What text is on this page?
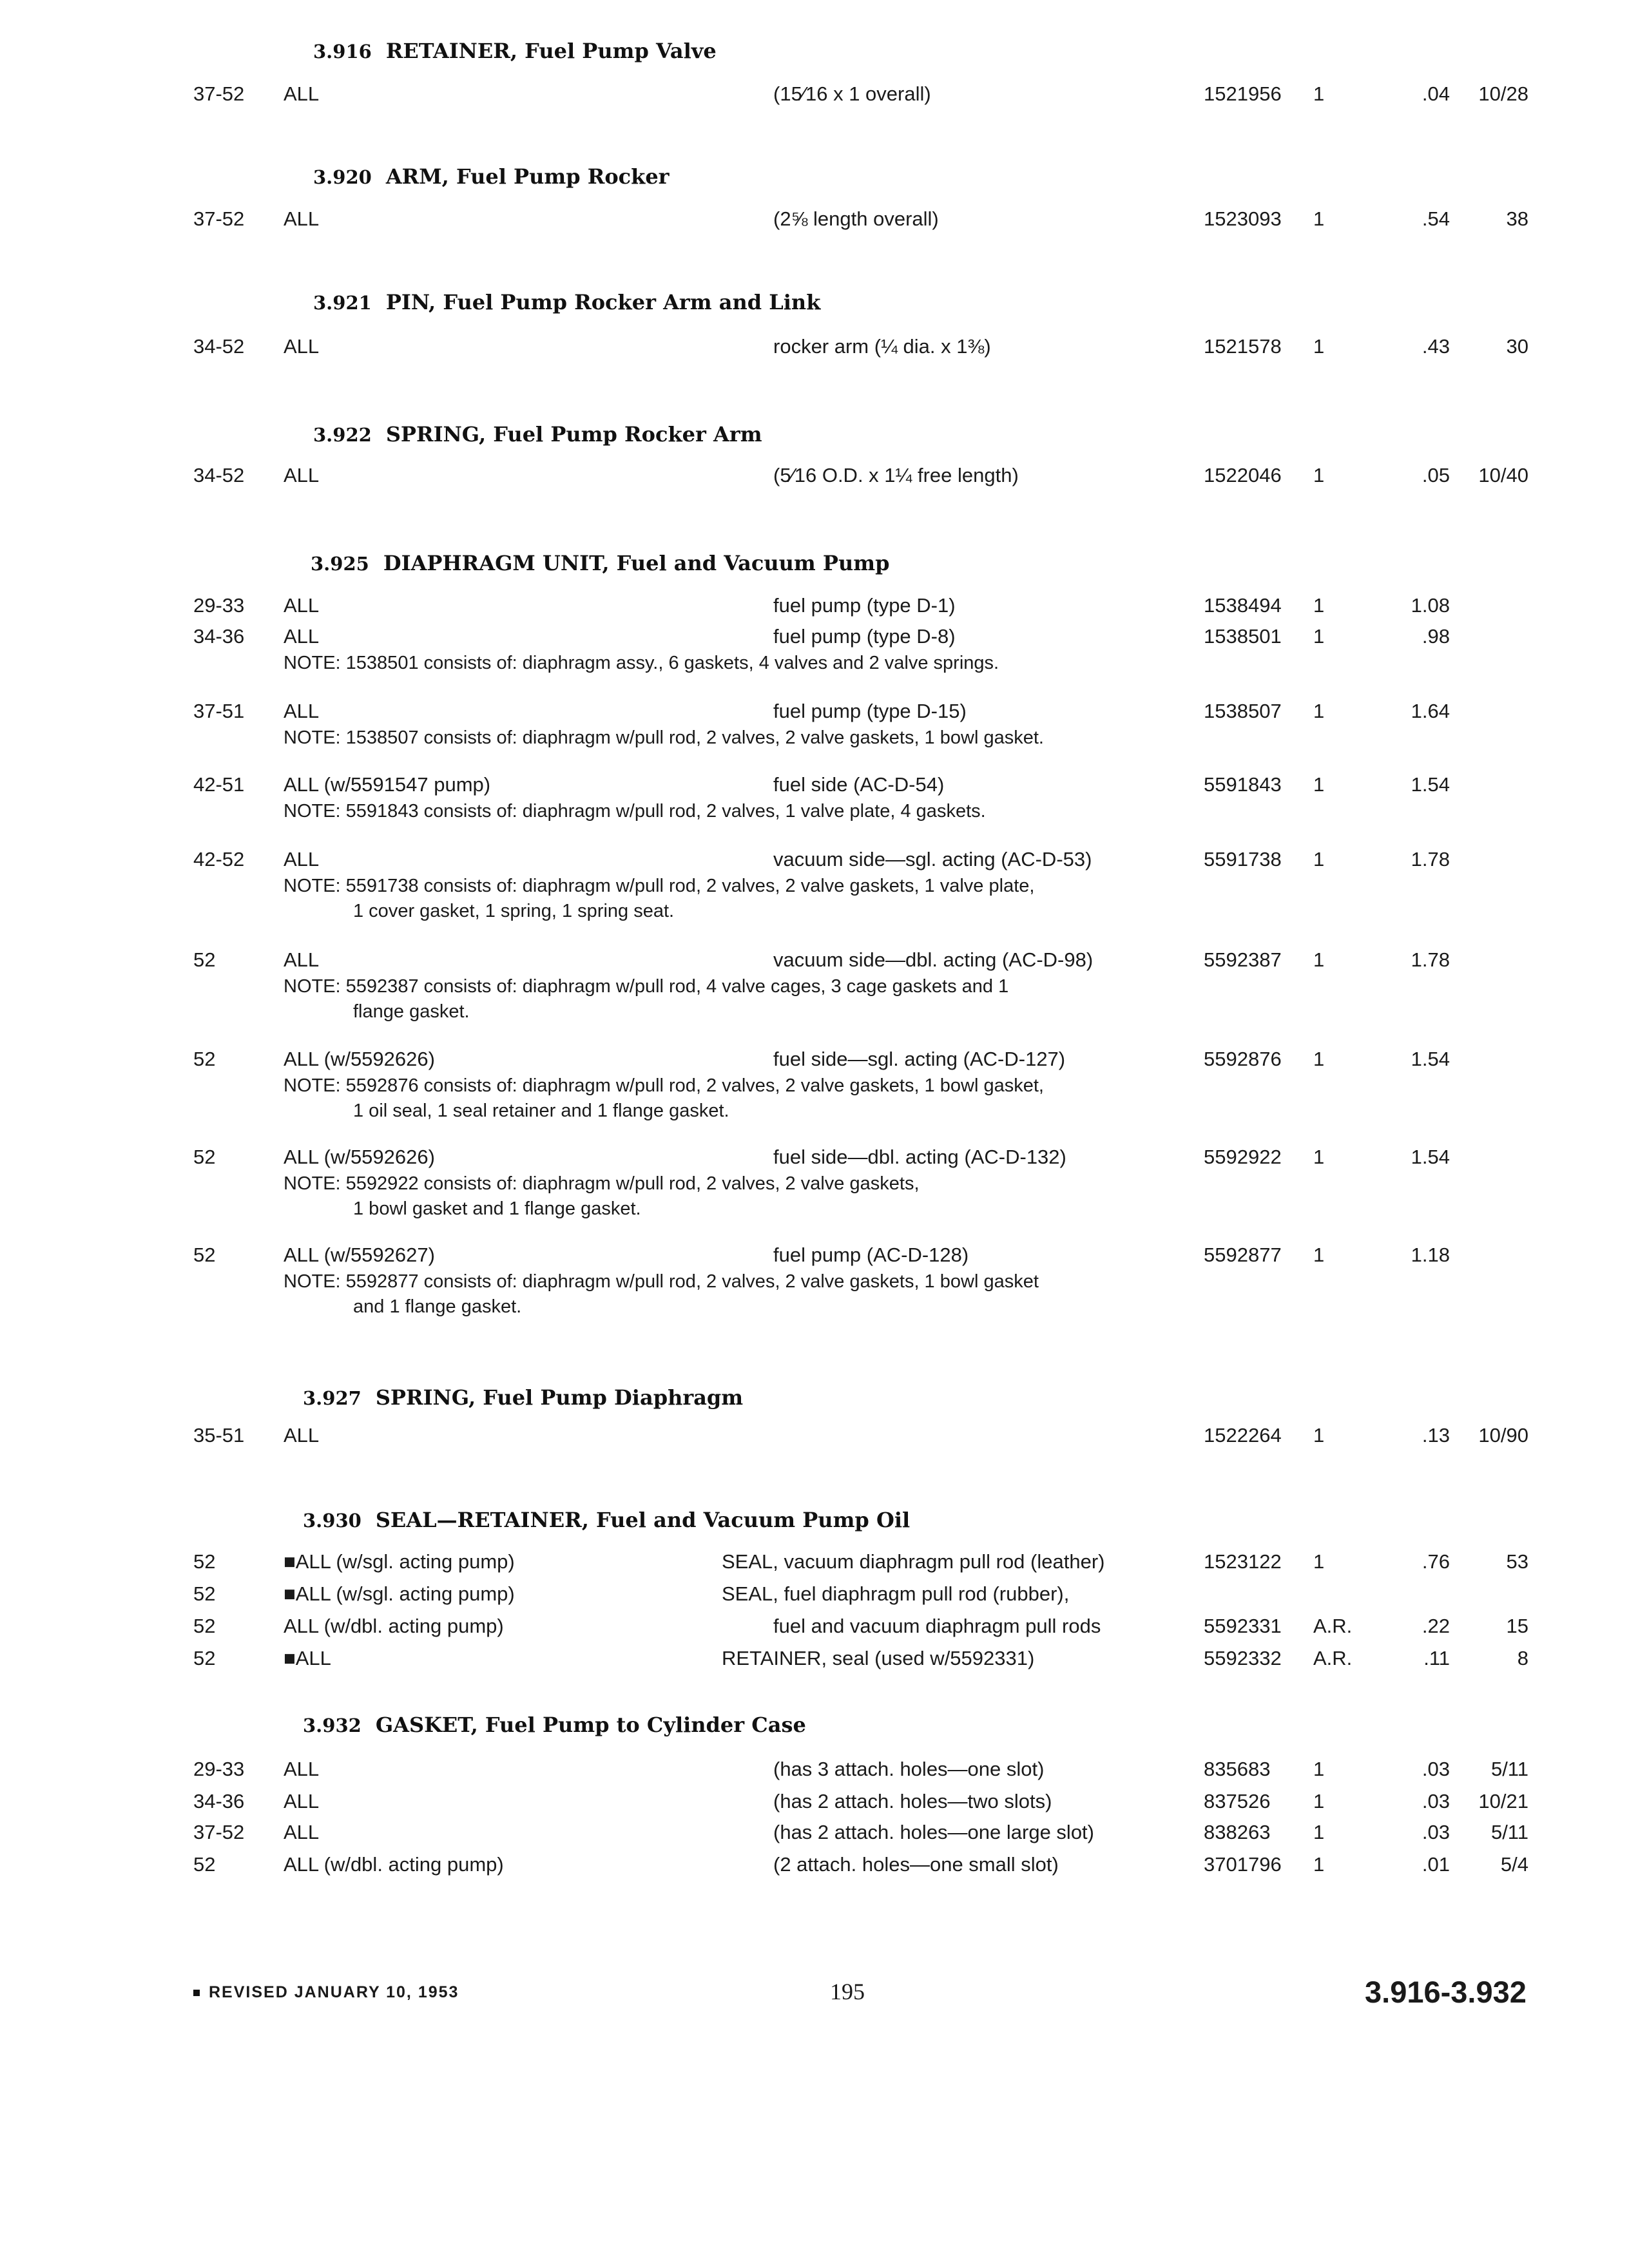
3.916 RETAINER, Fuel Pump Valve
37-52 ALL	(15⁄16 x 1 overall)	1521956 1	.04	10/28
3.920 ARM, Fuel Pump Rocker
37-52 ALL	(2⅝ length overall)	1523093 1	.54	38
3.921 PIN, Fuel Pump Rocker Arm and Link
34-52 ALL	rocker arm (¼ dia. x 1⅜)	1521578 1	.43	30
3.922 SPRING, Fuel Pump Rocker Arm
34-52 ALL	(5⁄16 O.D. x 1¼ free length)	1522046 1	.05	10/40
3.925 DIAPHRAGM UNIT, Fuel and Vacuum Pump
29-33 ALL	fuel pump (type D-1)	1538494 1	1.08
34-36 ALL	fuel pump (type D-8)	1538501 1	.98
NOTE: 1538501 consists of: diaphragm assy., 6 gaskets, 4 valves and 2 valve springs.
37-51 ALL	fuel pump (type D-15)	1538507 1	1.64
NOTE: 1538507 consists of: diaphragm w/pull rod, 2 valves, 2 valve gaskets, 1 bowl gasket.
42-51 ALL (w/5591547 pump)	fuel side (AC-D-54)	5591843 1	1.54
NOTE: 5591843 consists of: diaphragm w/pull rod, 2 valves, 1 valve plate, 4 gaskets.
42-52 ALL	vacuum side—sgl. acting (AC-D-53)	5591738 1	1.78
NOTE: 5591738 consists of: diaphragm w/pull rod, 2 valves, 2 valve gaskets, 1 valve plate,
1 cover gasket, 1 spring, 1 spring seat.
52	ALL	vacuum side—dbl. acting (AC-D-98)	5592387 1	1.78
NOTE: 5592387 consists of: diaphragm w/pull rod, 4 valve cages, 3 cage gaskets and 1
flange gasket.
52	ALL (w/5592626)	fuel side—sgl. acting (AC-D-127)	5592876 1	1.54
NOTE: 5592876 consists of: diaphragm w/pull rod, 2 valves, 2 valve gaskets, 1 bowl gasket,
1 oil seal, 1 seal retainer and 1 flange gasket.
52	ALL (w/5592626)	fuel side—dbl. acting (AC-D-132)	5592922 1	1.54
NOTE: 5592922 consists of: diaphragm w/pull rod, 2 valves, 2 valve gaskets,
1 bowl gasket and 1 flange gasket.
52	ALL (w/5592627)	fuel pump (AC-D-128)	5592877 1	1.18
NOTE: 5592877 consists of: diaphragm w/pull rod, 2 valves, 2 valve gaskets, 1 bowl gasket
and 1 flange gasket.
3.927 SPRING, Fuel Pump Diaphragm
35-51 ALL	1522264 1	.13	10/90
3.930 SEAL—RETAINER, Fuel and Vacuum Pump Oil
52	■ALL (w/sgl. acting pump)	SEAL, vacuum diaphragm pull rod (leather)	1523122 1	.76	53
52	■ALL (w/sgl. acting pump)	SEAL, fuel diaphragm pull rod (rubber),
52	ALL (w/dbl. acting pump)	fuel and vacuum diaphragm pull rods	5592331 A.R.	.22	15
52	■ALL	RETAINER, seal (used w/5592331)	5592332 A.R.	.11	8
3.932 GASKET, Fuel Pump to Cylinder Case
29-33 ALL	(has 3 attach. holes—one slot)	835683 1	.03	5/11
34-36 ALL	(has 2 attach. holes—two slots)	837526 1	.03	10/21
37-52 ALL	(has 2 attach. holes—one large slot)	838263 1	.03	5/11
52	ALL (w/dbl. acting pump)	(2 attach. holes—one small slot)	3701796 1	.01	5/4
REVISED JANUARY 10, 1953	195	3.916-3.932
